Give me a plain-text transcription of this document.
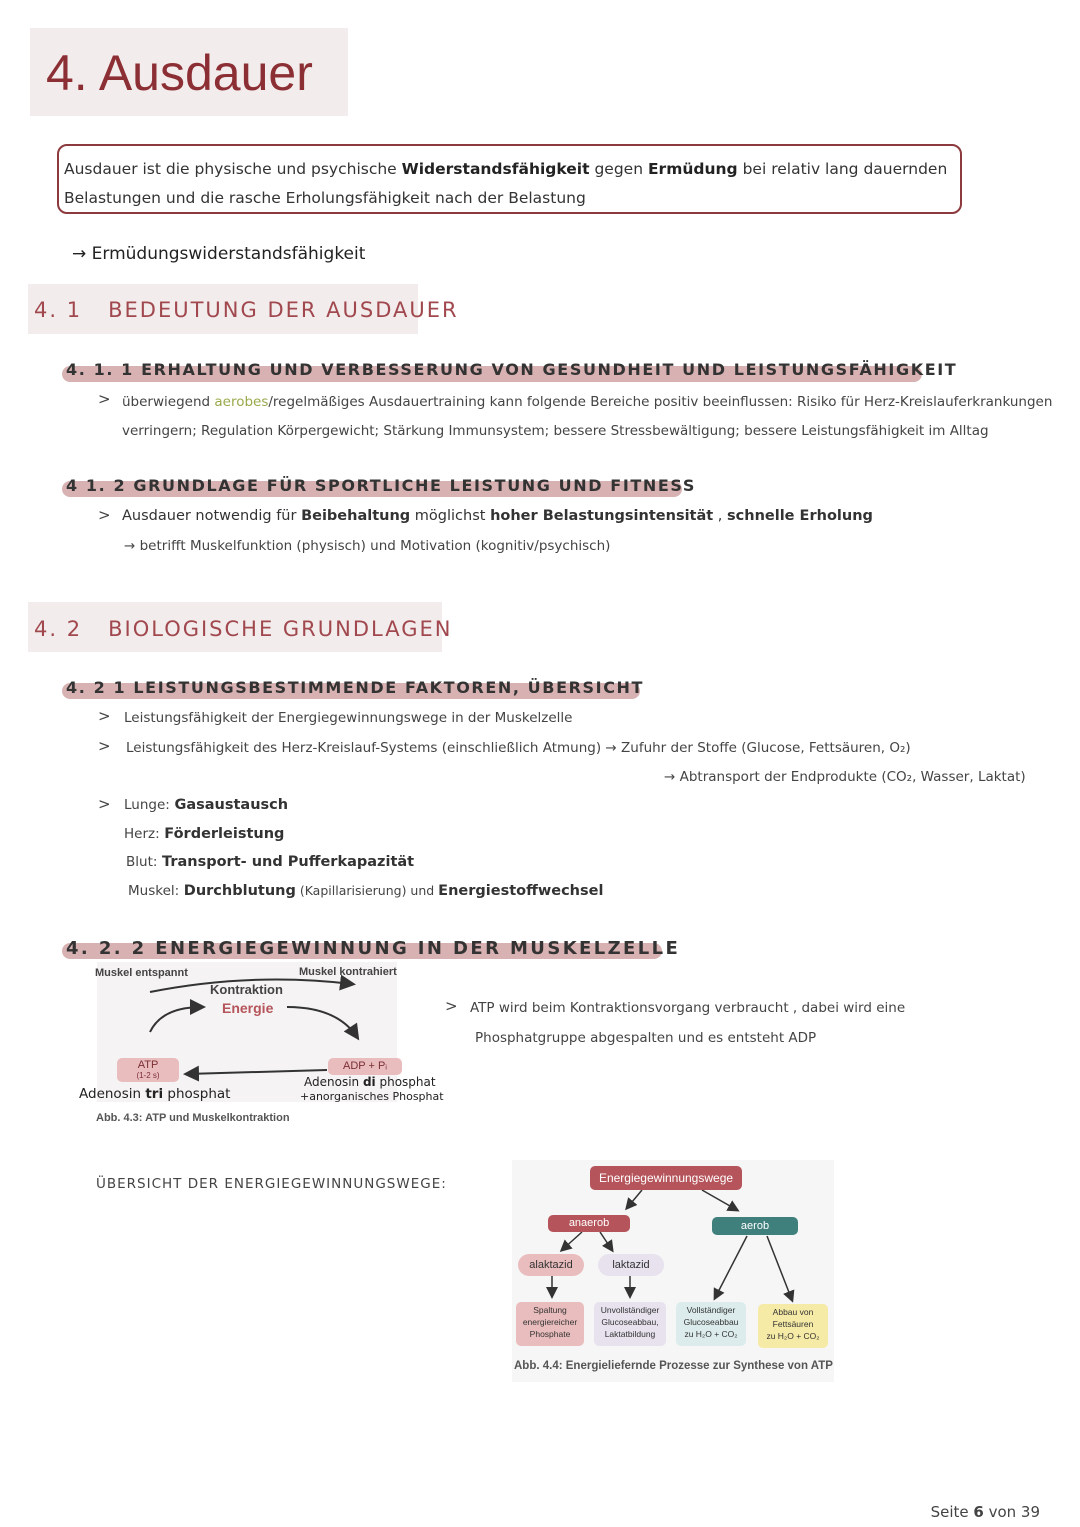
4. Ausdauer
Ausdauer ist die physische und psychische Widerstandsfähigkeit gegen Ermüdung bei relativ lang dauernden
Belastungen und die rasche Erholungsfähigkeit nach der Belastung
→ Ermüdungswiderstandsfähigkeit
4. 1 BEDEUTUNG DER AUSDAUER
4. 1. 1 ERHALTUNG UND VERBESSERUNG VON GESUNDHEIT UND LEISTUNGSFÄHIGKEIT
> überwiegend aerobes/regelmäßiges Ausdauertraining kann folgende Bereiche positiv beeinflussen: Risiko für Herz-Kreislauferkrankungen
verringern; Regulation Körpergewicht; Stärkung Immunsystem; bessere Stressbewältigung; bessere Leistungsfähigkeit im Alltag
4 1. 2 GRUNDLAGE FÜR SPORTLICHE LEISTUNG UND FITNESS
> Ausdauer notwendig für Beibehaltung möglichst hoher Belastungsintensität , schnelle Erholung
→ betrifft Muskelfunktion (physisch) und Motivation (kognitiv/psychisch)
4. 2 BIOLOGISCHE GRUNDLAGEN
4. 2 1 LEISTUNGSBESTIMMENDE FAKTOREN, ÜBERSICHT
> Leistungsfähigkeit der Energiegewinnungswege in der Muskelzelle
> Leistungsfähigkeit des Herz-Kreislauf-Systems (einschließlich Atmung) → Zufuhr der Stoffe (Glucose, Fettsäuren, O₂)
→ Abtransport der Endprodukte (CO₂, Wasser, Laktat)
> Lunge: Gasaustausch
Herz: Förderleistung
Blut: Transport- und Pufferkapazität
Muskel: Durchblutung (Kapillarisierung) und Energiestoffwechsel
4. 2. 2 ENERGIEGEWINNUNG IN DER MUSKELZELLE
Muskel entspannt	Muskel kontrahiert
Kontraktion
Energie
ATP
(1-2 s)
ADP + Pᵢ
Adenosin tri phosphat
Adenosin di phosphat
+anorganisches Phosphat
Abb. 4.3: ATP und Muskelkontraktion
> ATP wird beim Kontraktionsvorgang verbraucht , dabei wird eine
Phosphatgruppe abgespalten und es entsteht ADP
ÜBERSICHT DER ENERGIEGEWINNUNGSWEGE:	Energiegewinnungswege
anaerob	aerob
alaktazid	laktazid
Spaltung
energiereicher
Phosphate
Unvollständiger
Glucoseabbau,
Laktatbildung
Vollständiger
Glucoseabbau
zu H₂O + CO₂
Abbau von
Fettsäuren
zu H₂O + CO₂
Abb. 4.4: Energieliefernde Prozesse zur Synthese von ATP
Seite 6 von 39
